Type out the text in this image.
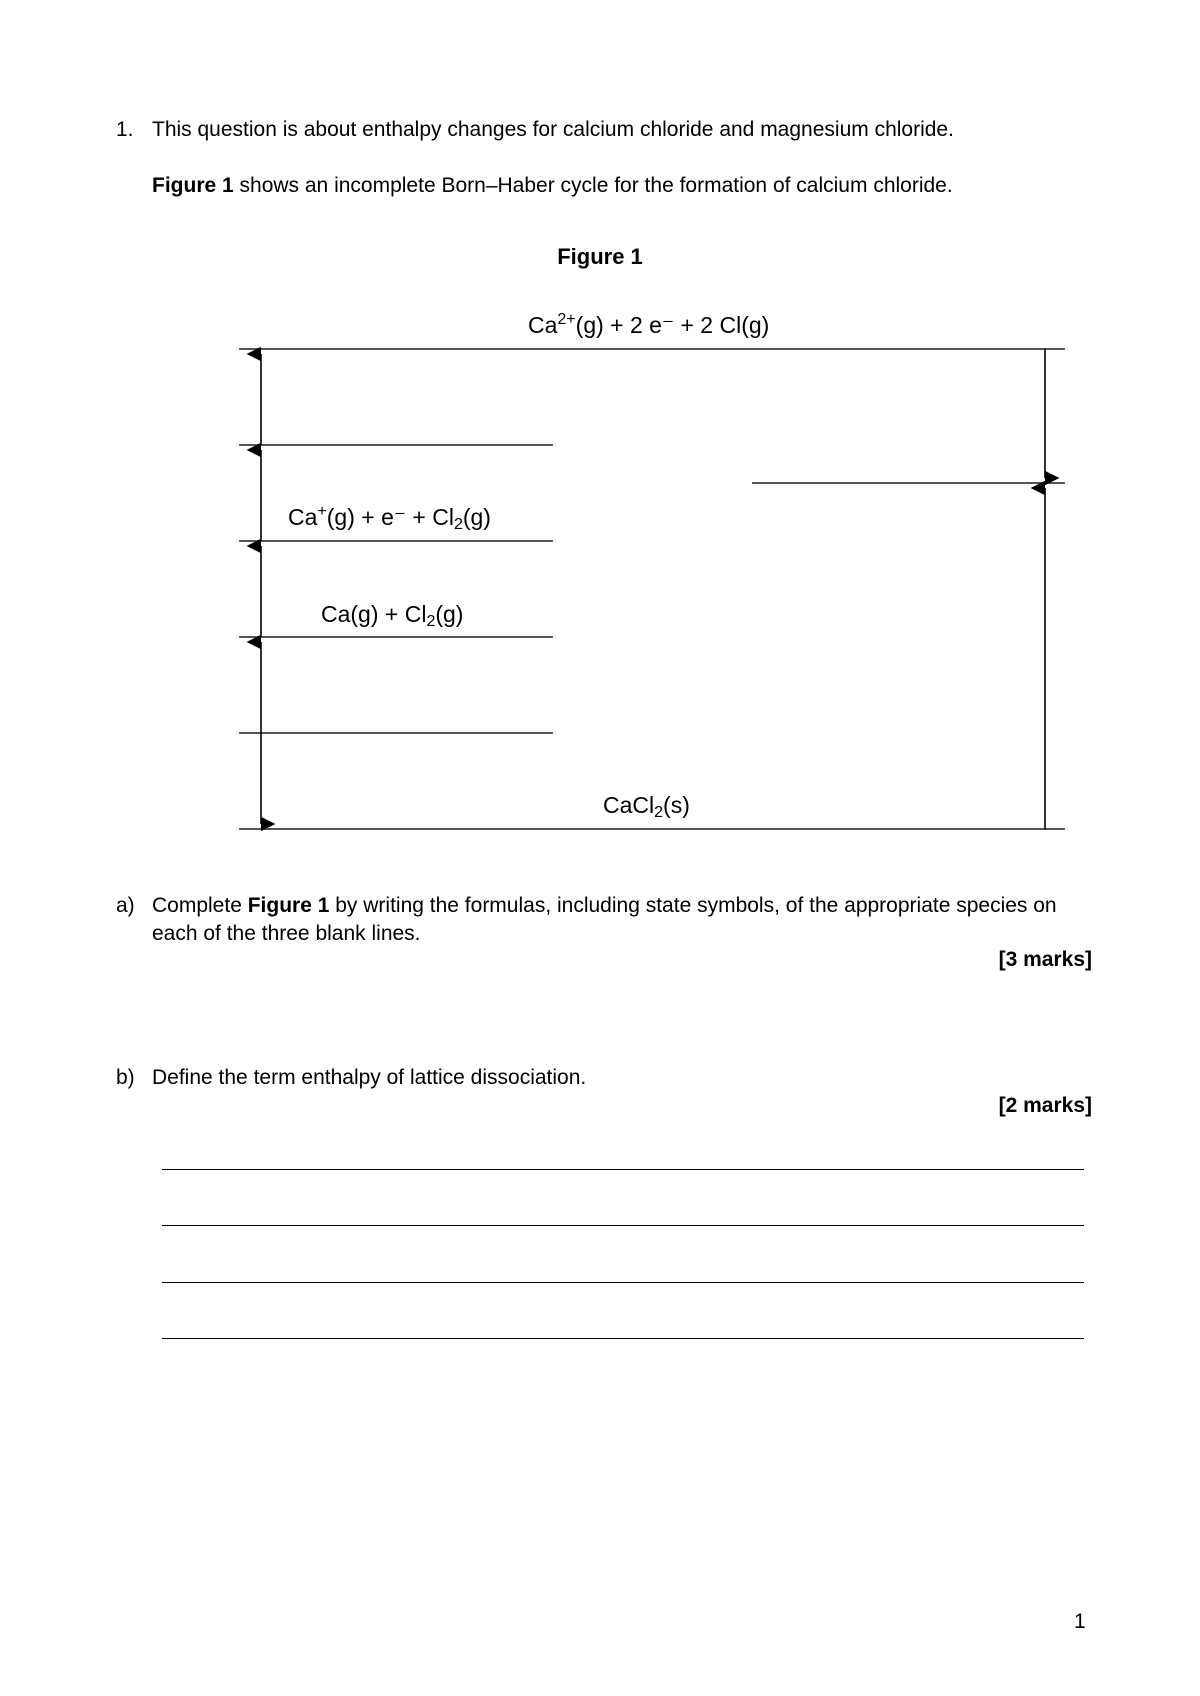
1. This question is about enthalpy changes for calcium chloride and magnesium chloride.
Figure 1 shows an incomplete Born–Haber cycle for the formation of calcium chloride.
Figure 1
$Ca^{2+}(g) + 2$ e⁻ + 2 Cl(g)
$Ca^+(g) + e^- + Cl_2(g)$
$Ca(g) + Cl_2(g)$
CaCl$_2$(s)
a) Complete Figure 1 by writing the formulas, including state symbols, of the appropriate species on each of the three blank lines.
[3 marks]
b) Define the term enthalpy of lattice dissociation.
[2 marks]
1
